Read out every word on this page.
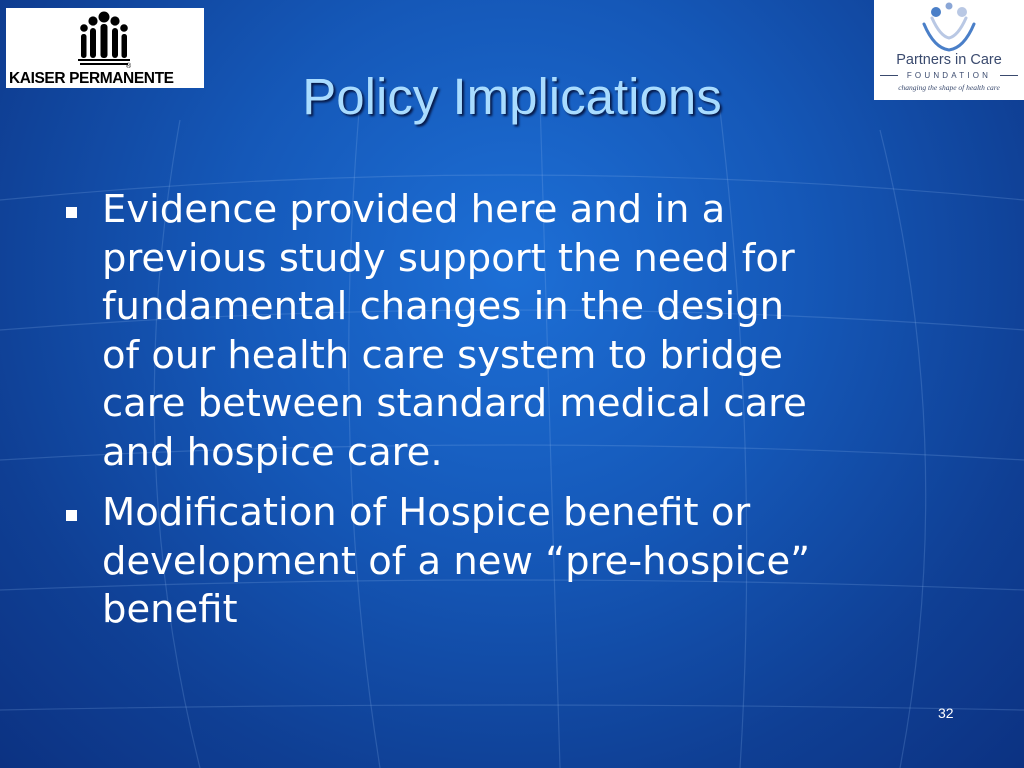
®
KAISER PERMANENTE
Partners in Care
FOUNDATION
changing the shape of health care
Policy Implications
Evidence provided here and in a
previous study support the need for
fundamental changes in the design
of our health care system to bridge
care between standard medical care
and hospice care.
Modification of Hospice benefit or
development of a new “pre-hospice”
benefit
32
